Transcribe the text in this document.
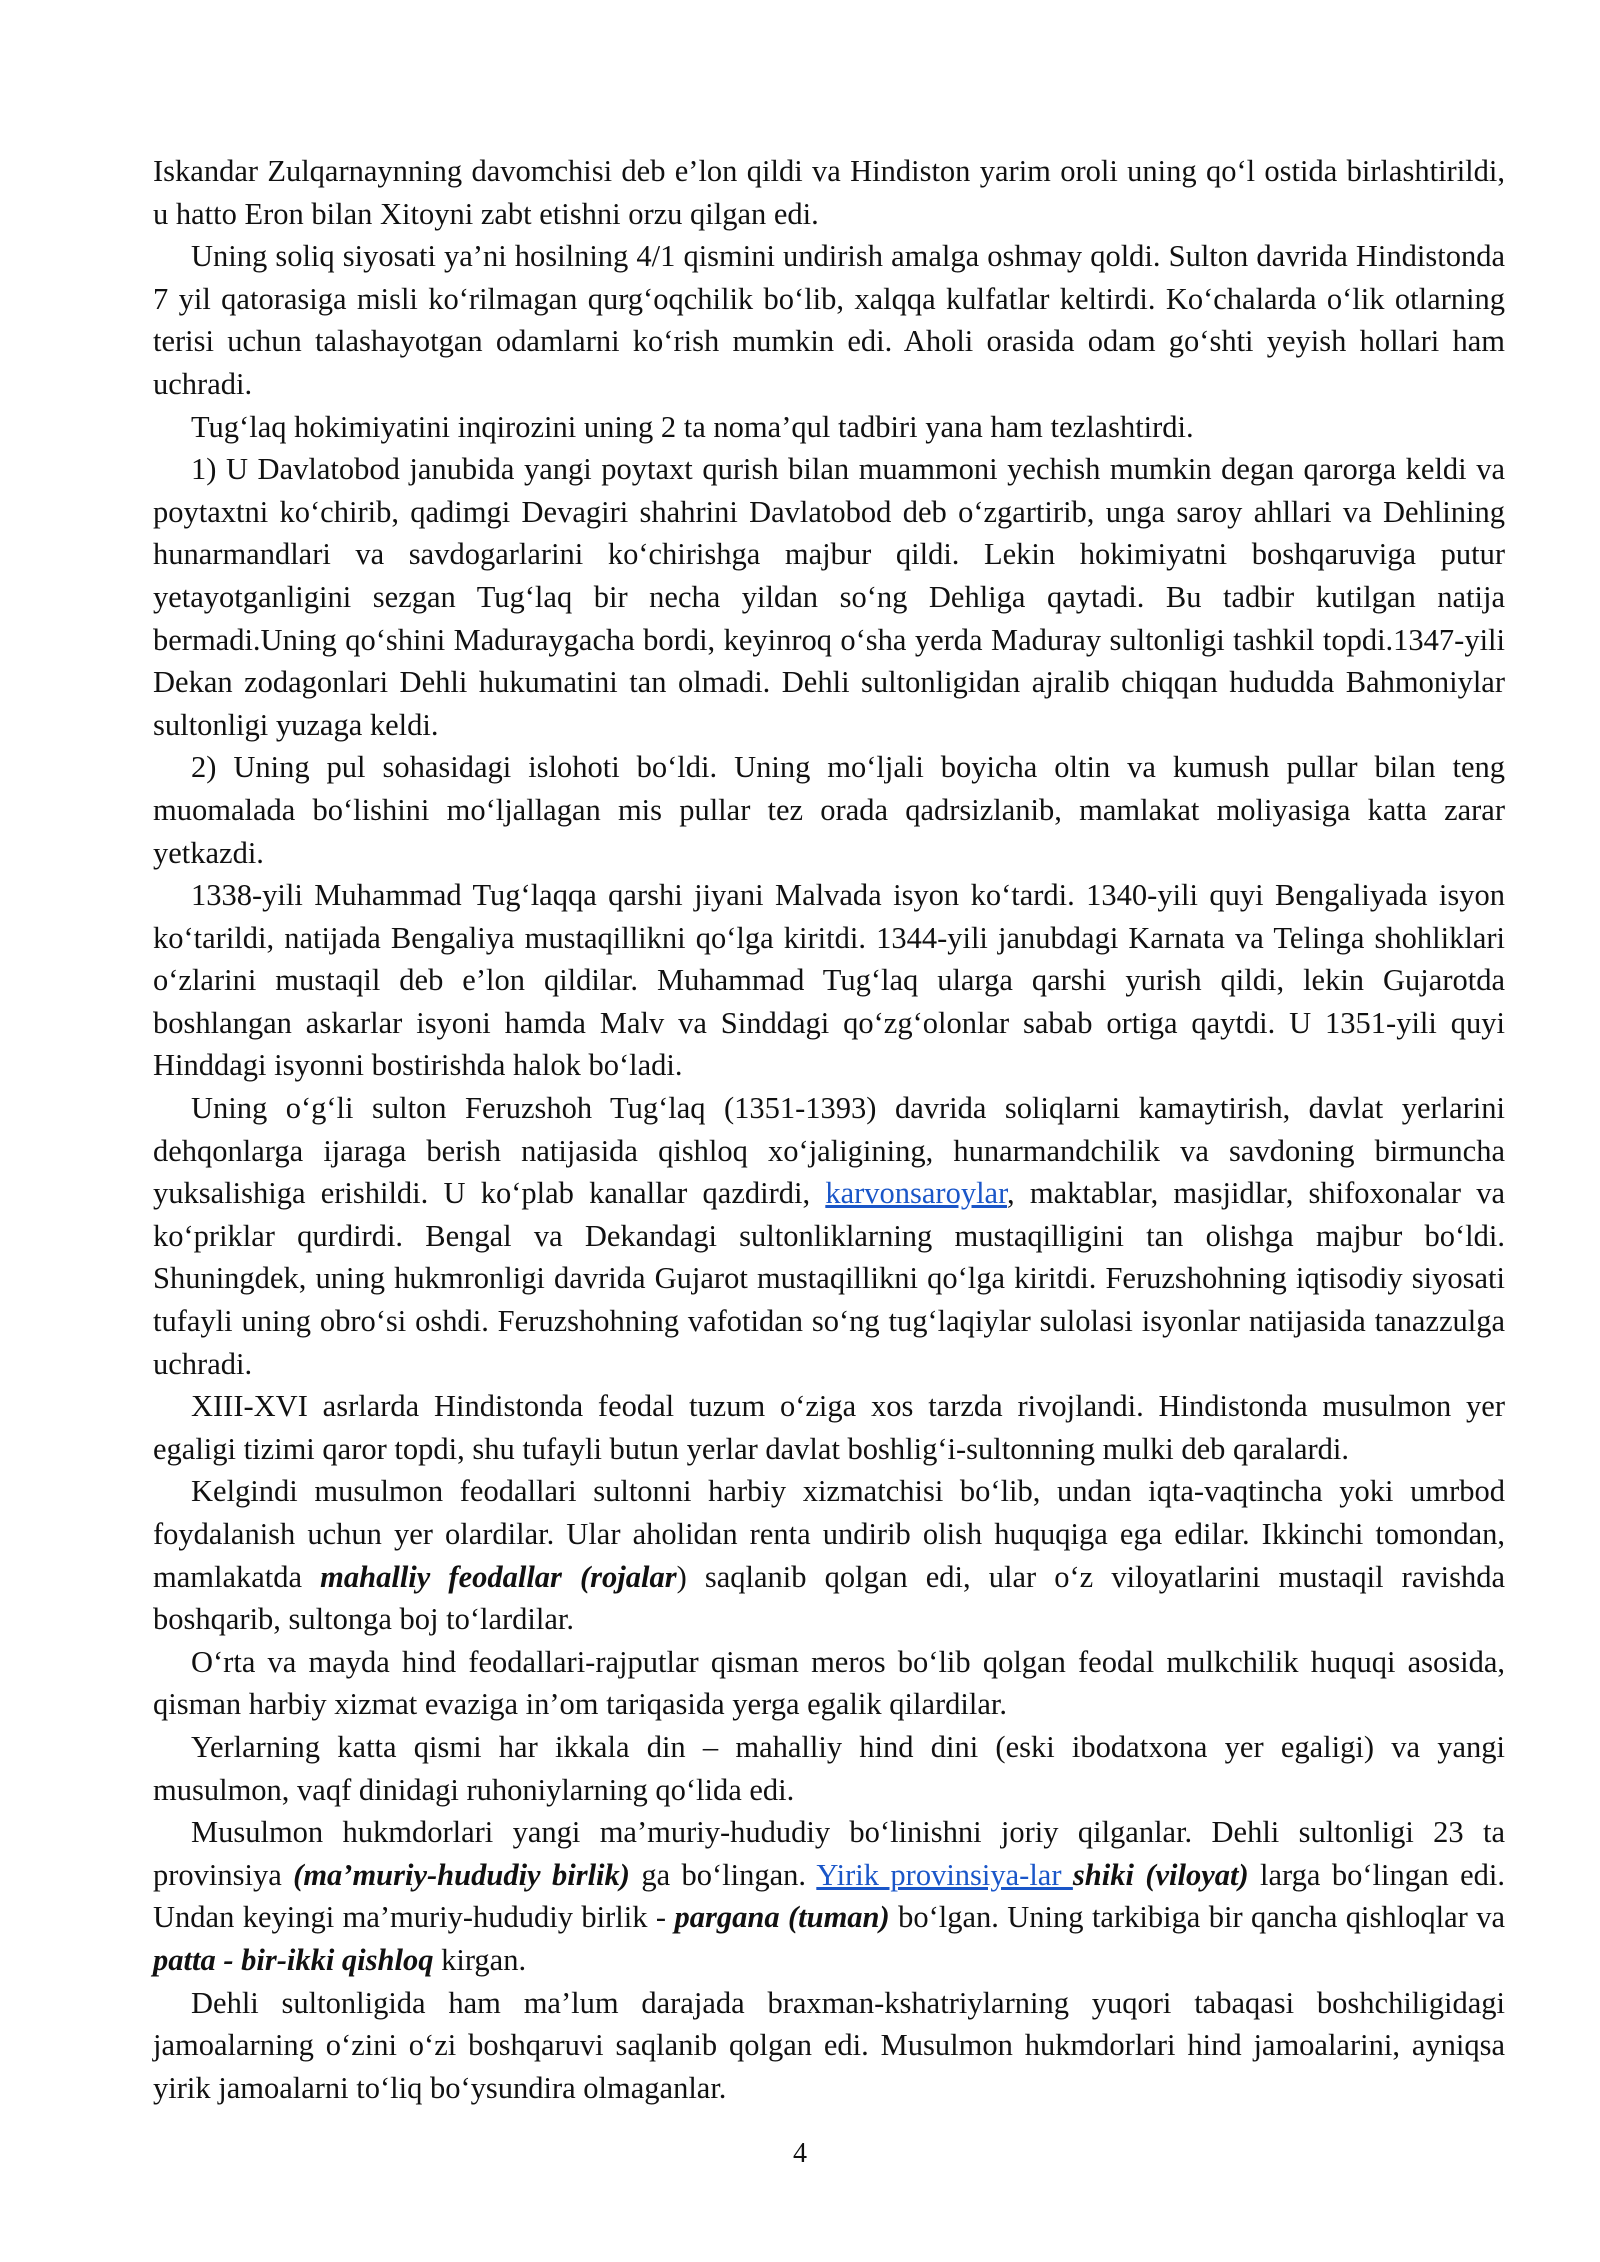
Iskandar Zulqarnaynning davomchisi deb e’lon qildi va Hindiston yarim oroli uning qo‘l ostida birlashtirildi, u hatto Eron bilan Xitoyni zabt etishni orzu qilgan edi.

Uning soliq siyosati ya’ni hosilning 4/1 qismini undirish amalga oshmay qoldi. Sulton davrida Hindistonda 7 yil qatorasiga misli ko‘rilmagan qurg‘oqchilik bo‘lib, xalqqa kulfatlar keltirdi. Ko‘chalarda o‘lik otlarning terisi uchun talashayotgan odamlarni ko‘rish mumkin edi. Aholi orasida odam go‘shti yeyish hollari ham uchradi.

Tug‘laq hokimiyatini inqirozini uning 2 ta noma’qul tadbiri yana ham tezlashtirdi.

1) U Davlatobod janubida yangi poytaxt qurish bilan muammoni yechish mumkin degan qarorga keldi va poytaxtni ko‘chirib, qadimgi Devagiri shahrini Davlatobod deb o‘zgartirib, unga saroy ahllari va Dehlining hunarmandlari va savdogarlarini ko‘chirishga majbur qildi. Lekin hokimiyatni boshqaruviga putur yetayotganligini sezgan Tug‘laq bir necha yildan so‘ng Dehliga qaytadi. Bu tadbir kutilgan natija bermadi.Uning qo‘shini Maduraygacha bordi, keyinroq o‘sha yerda Maduray sultonligi tashkil topdi.1347-yili Dekan zodagonlari Dehli hukumatini tan olmadi. Dehli sultonligidan ajralib chiqqan hududda Bahmoniylar sultonligi yuzaga keldi.

2) Uning pul sohasidagi islohoti bo‘ldi. Uning mo‘ljali boyicha oltin va kumush pullar bilan teng muomalada bo‘lishini mo‘ljallagan mis pullar tez orada qadrsizlanib, mamlakat moliyasiga katta zarar yetkazdi.

1338-yili Muhammad Tug‘laqqa qarshi jiyani Malvada isyon ko‘tardi. 1340-yili quyi Bengaliyada isyon ko‘tarildi, natijada Bengaliya mustaqillikni qo‘lga kiritdi. 1344-yili janubdagi Karnata va Telinga shohliklari o‘zlarini mustaqil deb e’lon qildilar. Muhammad Tug‘laq ularga qarshi yurish qildi, lekin Gujarotda boshlangan askarlar isyoni hamda Malv va Sinddagi qo‘zg‘olonlar sabab ortiga qaytdi. U 1351-yili quyi Hinddagi isyonni bostirishda halok bo‘ladi.

Uning o‘g‘li sulton Feruzshoh Tug‘laq (1351-1393) davrida soliqlarni kamaytirish, davlat yerlarini dehqonlarga ijaraga berish natijasida qishloq xo‘jaligining, hunarmandchilik va savdoning birmuncha yuksalishiga erishildi. U ko‘plab kanallar qazdirdi, karvonsaroylar, maktablar, masjidlar, shifoxonalar va ko‘priklar qurdirdi. Bengal va Dekandagi sultonliklarning mustaqilligini tan olishga majbur bo‘ldi. Shuningdek, uning hukmronligi davrida Gujarot mustaqillikni qo‘lga kiritdi. Feruzshohning iqtisodiy siyosati tufayli uning obro‘si oshdi. Feruzshohning vafotidan so‘ng tug‘laqiylar sulolasi isyonlar natijasida tanazzulga uchradi.

XIII-XVI asrlarda Hindistonda feodal tuzum o‘ziga xos tarzda rivojlandi. Hindistonda musulmon yer egaligi tizimi qaror topdi, shu tufayli butun yerlar davlat boshlig‘i-sultonning mulki deb qaralardi.

Kelgindi musulmon feodallari sultonni harbiy xizmatchisi bo‘lib, undan iqta-vaqtincha yoki umrbod foydalanish uchun yer olardilar. Ular aholidan renta undirib olish huquqiga ega edilar. Ikkinchi tomondan, mamlakatda mahalliy feodallar (rojalar) saqlanib qolgan edi, ular o‘z viloyatlarini mustaqil ravishda boshqarib, sultonga boj to‘lardilar.

O‘rta va mayda hind feodallari-rajputlar qisman meros bo‘lib qolgan feodal mulkchilik huquqi asosida, qisman harbiy xizmat evaziga in’om tariqasida yerga egalik qilardilar.

Yerlarning katta qismi har ikkala din – mahalliy hind dini (eski ibodatxona yer egaligi) va yangi musulmon, vaqf dinidagi ruhoniylarning qo‘lida edi.

Musulmon hukmdorlari yangi ma’muriy-hududiy bo‘linishni joriy qilganlar. Dehli sultonligi 23 ta provinsiya (ma’muriy-hududiy birlik) ga bo‘lingan. Yirik provinsiya-lar shiki (viloyat) larga bo‘lingan edi. Undan keyingi ma’muriy-hududiy birlik - pargana (tuman) bo‘lgan. Uning tarkibiga bir qancha qishloqlar va patta - bir-ikki qishloq kirgan.

Dehli sultonligida ham ma’lum darajada braxman-kshatriylarning yuqori tabaqasi boshchiligidagi jamoalarning o‘zini o‘zi boshqaruvi saqlanib qolgan edi. Musulmon hukmdorlari hind jamoalarini, ayniqsa yirik jamoalarni to‘liq bo‘ysundira olmaganlar.

4
